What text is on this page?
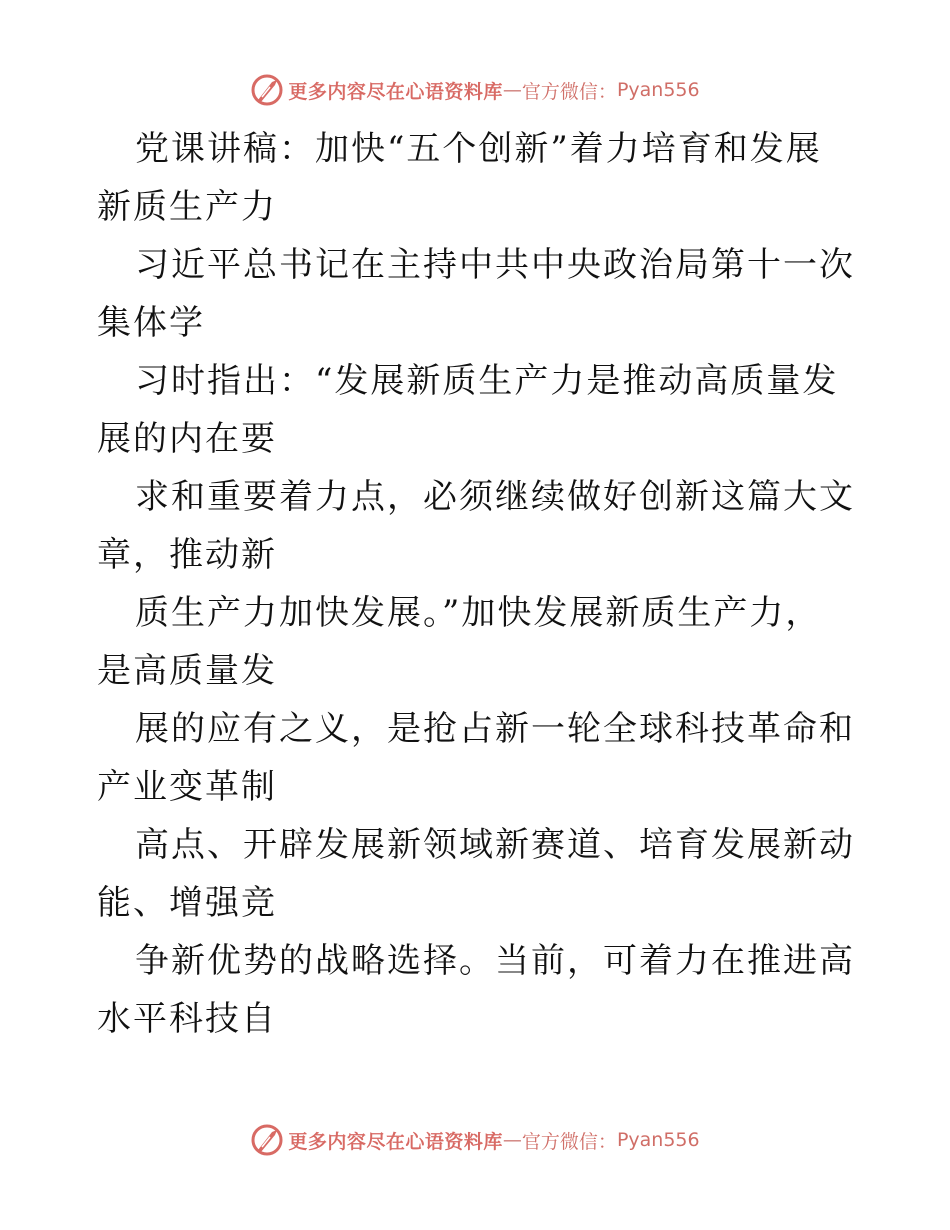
更多内容尽在心语资料库 — 官方微信： Pyan556

党课讲稿：加快“五个创新”着力培育和发展新质生产力

习近平总书记在主持中共中央政治局第十一次集体学

习时指出：“发展新质生产力是推动高质量发展的内在要

求和重要着力点，必须继续做好创新这篇大文章，推动新

质生产力加快发展。”加快发展新质生产力，是高质量发

展的应有之义，是抢占新一轮全球科技革命和产业变革制

高点、开辟发展新领域新赛道、培育发展新动能、增强竞

争新优势的战略选择。当前，可着力在推进高水平科技自

更多内容尽在心语资料库 — 官方微信： Pyan556
